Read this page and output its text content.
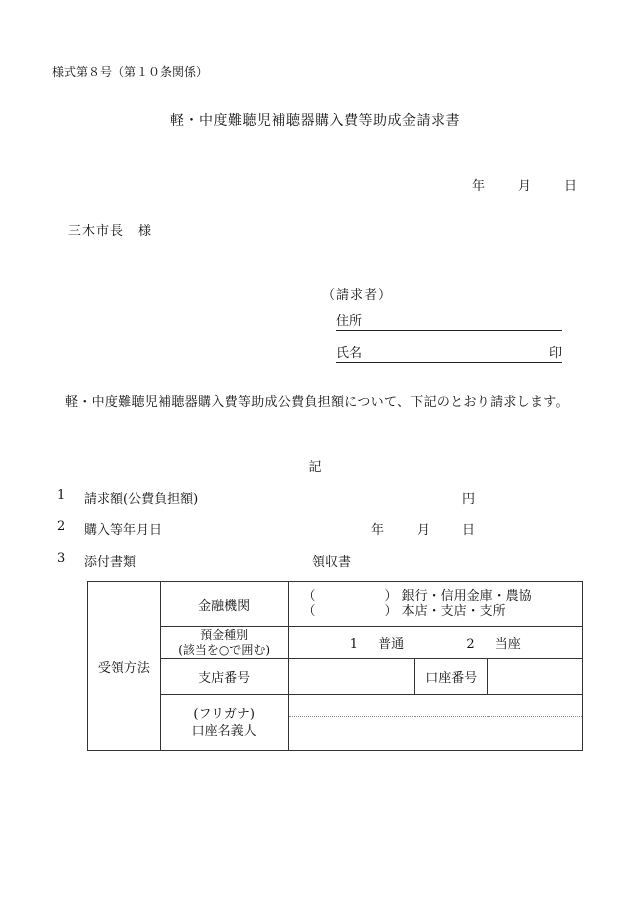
様式第８号（第１０条関係）
軽・中度難聴児補聴器購入費等助成金請求書
年	月	日
三木市長　様
（請求者）
住所
氏名	印
軽・中度難聴児補聴器購入費等助成公費負担額について、下記のとおり請求します。
記
1 請求額(公費負担額)	円
2 購入等年月日	年	月 日
3 添付書類	領収書
受領方法	金融機関	（ ） 銀行・信用金庫・農協
（ ） 本店・支店・支所		

	預金種別
(該当を○で囲む)	1 普通 2 当座		
	支店番号		口座番号	

	(フリガナ)
口座名義人			
